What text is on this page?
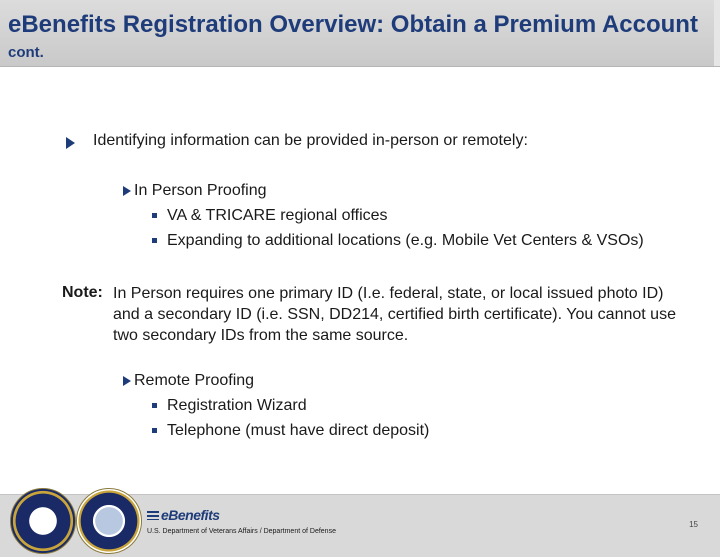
eBenefits Registration Overview: Obtain a Premium Account
cont.
Identifying information can be provided in-person or remotely:
In Person Proofing
VA & TRICARE regional offices
Expanding to additional locations (e.g. Mobile Vet Centers & VSOs)
Note: In Person requires one primary ID (I.e. federal, state, or local issued photo ID) and a secondary ID (i.e. SSN, DD214, certified birth certificate). You cannot use two secondary IDs from the same source.
Remote Proofing
Registration Wizard
Telephone (must have direct deposit)
eBenefits
U.S. Department of Veterans Affairs / Department of Defense
15
